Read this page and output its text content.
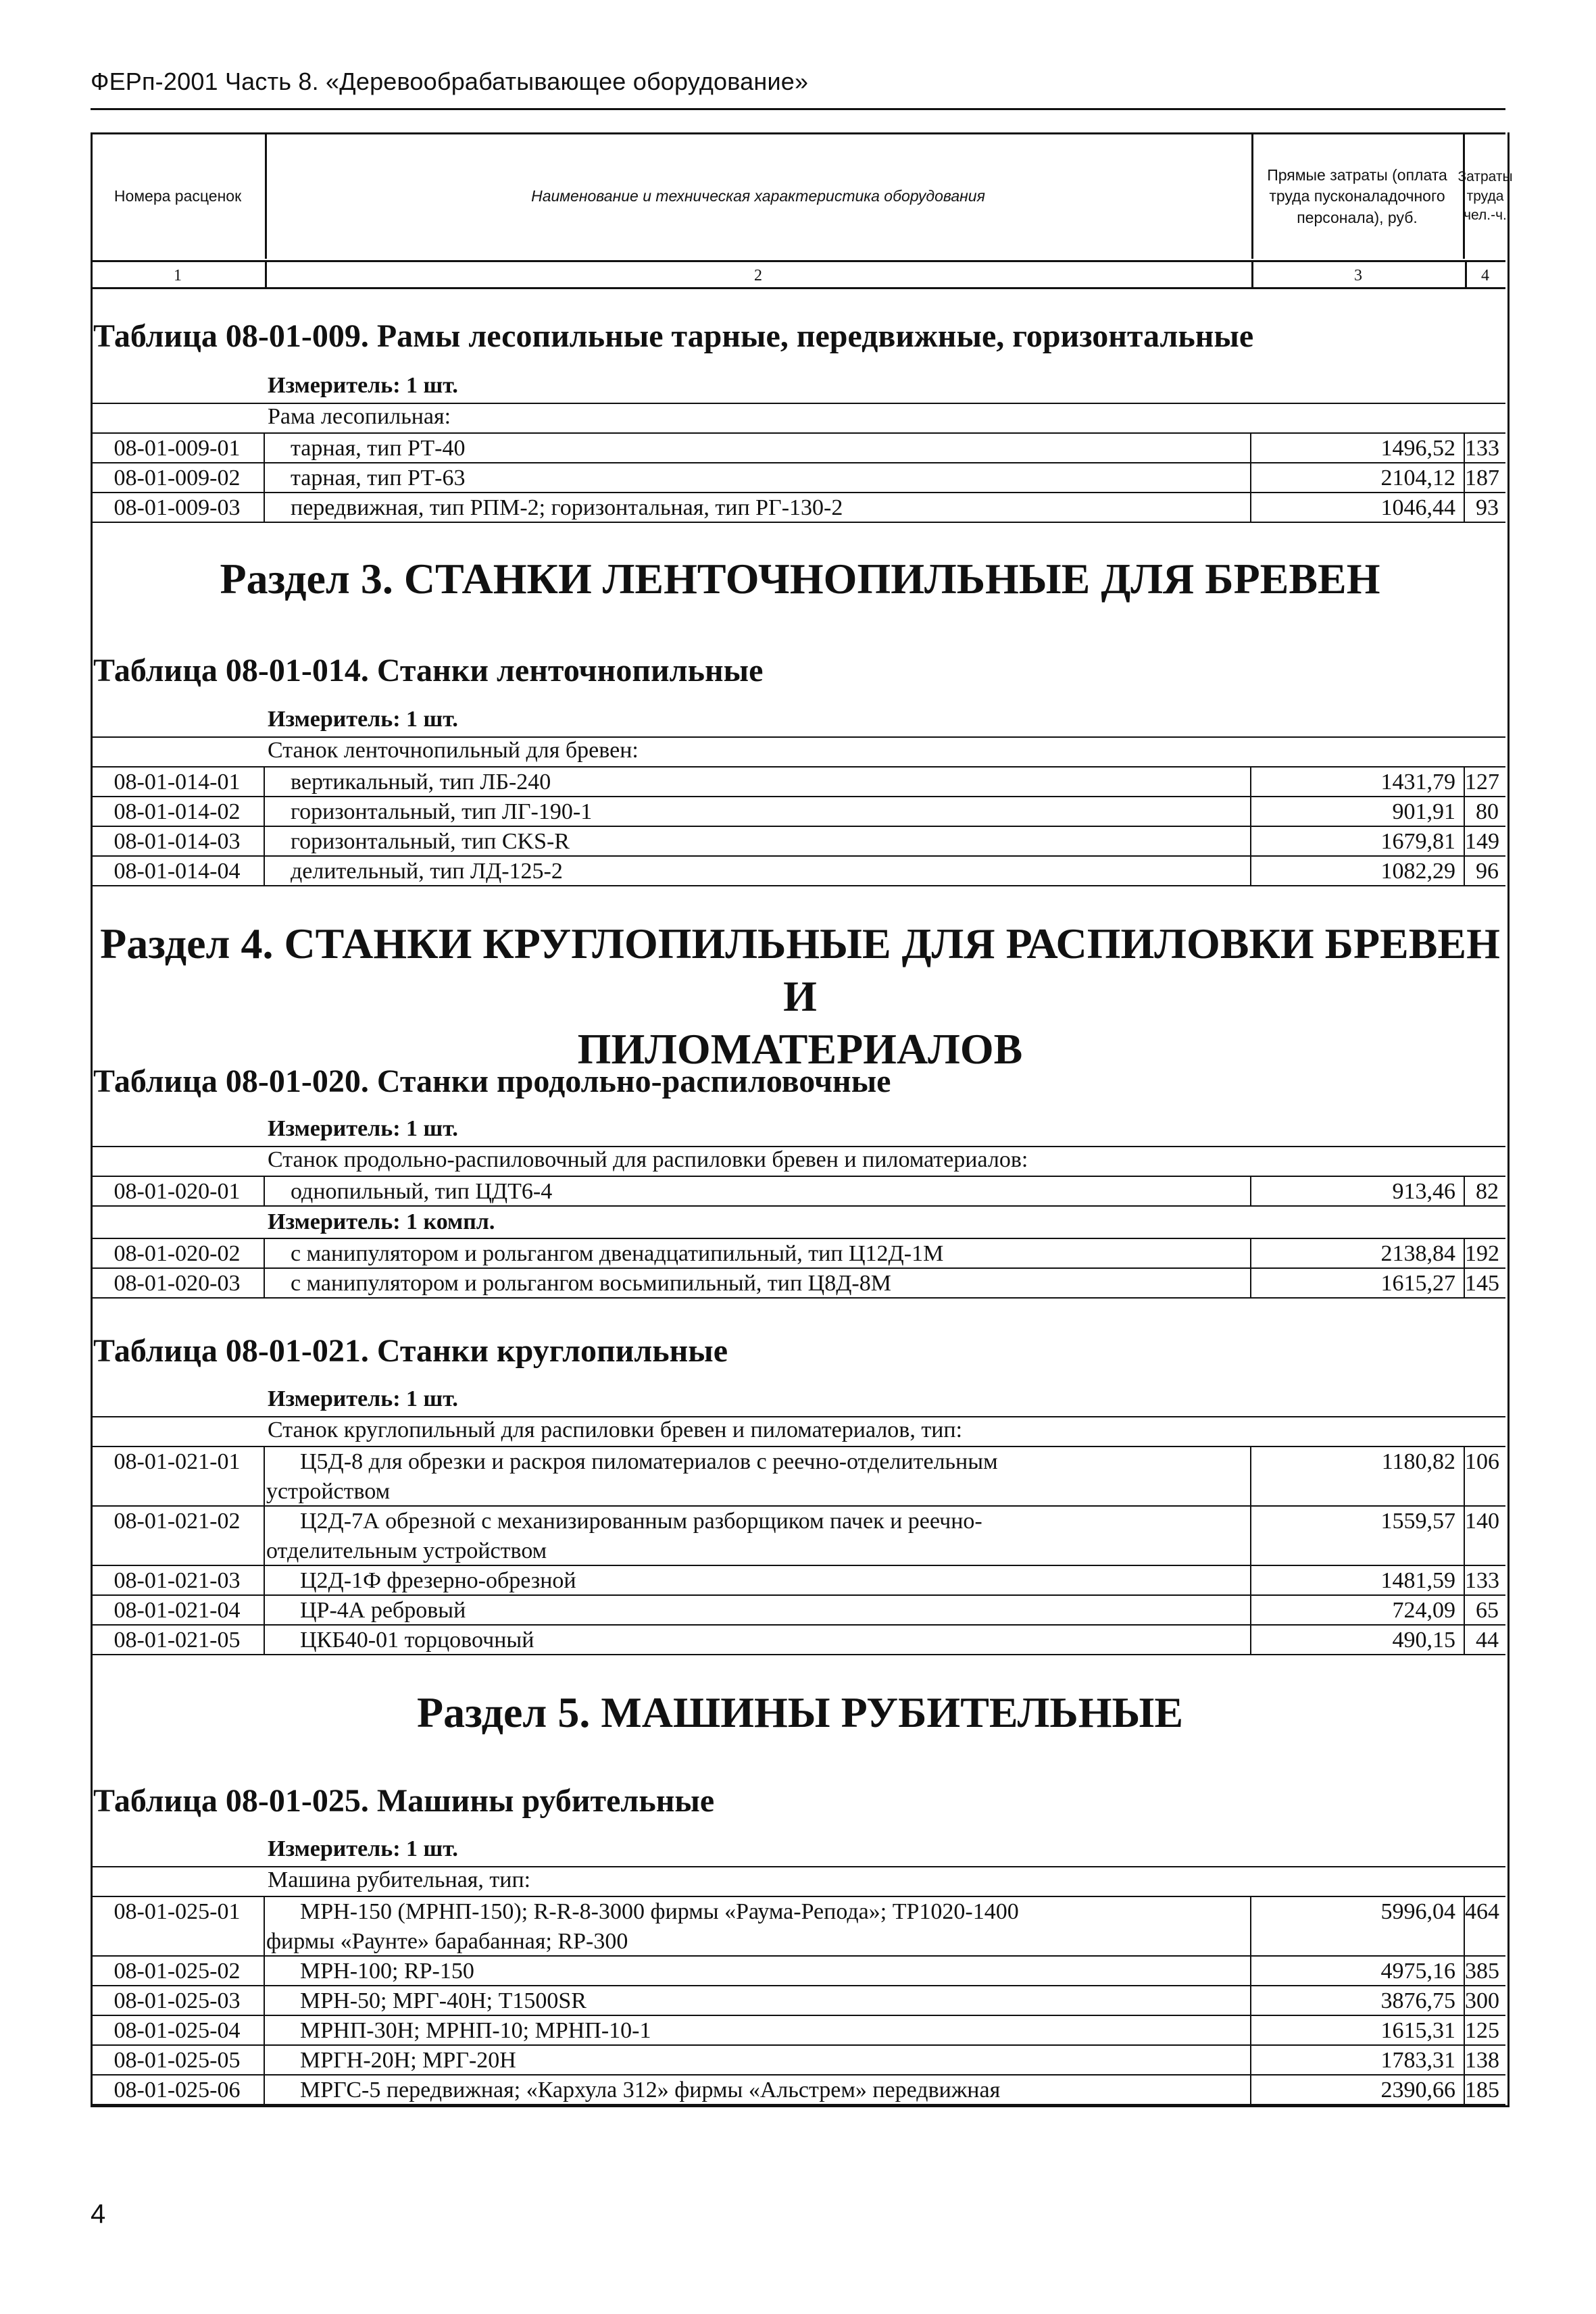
ФЕРп-2001 Часть 8. «Деревообрабатывающее оборудование»
Номера расценок	Наименование и техническая характеристика оборудования
Прямые затраты (оплата труда пусконаладочного персонала), руб.
Затраты труда чел.-ч.
1	2	3	4
Таблица 08-01-009. Рамы лесопильные тарные, передвижные, горизонтальные
Измеритель: 1 шт.
Рама лесопильная:
08-01-009-01	тарная, тип РТ-40	1496,52 133
08-01-009-02	тарная, тип РТ-63	2104,12 187
08-01-009-03	передвижная, тип РПМ-2; горизонтальная, тип РГ-130-2	1046,44 93
Раздел 3. СТАНКИ ЛЕНТОЧНОПИЛЬНЫЕ ДЛЯ БРЕВЕН
Таблица 08-01-014. Станки ленточнопильные
Измеритель: 1 шт.
Станок ленточнопильный для бревен:
08-01-014-01	вертикальный, тип ЛБ-240	1431,79 127
08-01-014-02	горизонтальный, тип ЛГ-190-1	901,91 80
08-01-014-03	горизонтальный, тип CKS-R	1679,81 149
08-01-014-04	делительный, тип ЛД-125-2	1082,29 96
Раздел 4. СТАНКИ КРУГЛОПИЛЬНЫЕ ДЛЯ РАСПИЛОВКИ БРЕВЕН И
ПИЛОМАТЕРИАЛОВ
Таблица 08-01-020. Станки продольно-распиловочные
Измеритель: 1 шт.
Станок продольно-распиловочный для распиловки бревен и пиломатериалов:
08-01-020-01	однопильный, тип ЦДТ6-4	913,46 82
Измеритель: 1 компл.
08-01-020-02	с манипулятором и рольгангом двенадцатипильный, тип Ц12Д-1М	2138,84 192
08-01-020-03	с манипулятором и рольгангом восьмипильный, тип Ц8Д-8М	1615,27 145
Таблица 08-01-021. Станки круглопильные
Измеритель: 1 шт.
Станок круглопильный для распиловки бревен и пиломатериалов, тип:
08-01-021-01	Ц5Д-8 для обрезки и раскроя пиломатериалов с реечно-отделительным
устройством
1180,82 106
08-01-021-02	Ц2Д-7А обрезной с механизированным разборщиком пачек и реечно-
отделительным устройством
1559,57 140
08-01-021-03	Ц2Д-1Ф фрезерно-обрезной	1481,59 133
08-01-021-04	ЦР-4А ребровый	724,09 65
08-01-021-05	ЦКБ40-01 торцовочный	490,15 44
Раздел 5. МАШИНЫ РУБИТЕЛЬНЫЕ
Таблица 08-01-025. Машины рубительные
Измеритель: 1 шт.
Машина рубительная, тип:
08-01-025-01	МРН-150 (МРНП-150); R-R-8-3000 фирмы «Раума-Репода»; ТР1020-1400
фирмы «Раунте» барабанная; RP-300
5996,04 464
08-01-025-02	МРН-100; RP-150	4975,16 385
08-01-025-03	МРН-50; МРГ-40Н; Т1500SR	3876,75 300
08-01-025-04	МРНП-30Н; МРНП-10; МРНП-10-1	1615,31 125
08-01-025-05	МРГН-20Н; МРГ-20Н	1783,31 138
08-01-025-06	МРГС-5 передвижная; «Кархула 312» фирмы «Альстрем» передвижная	2390,66 185
4
